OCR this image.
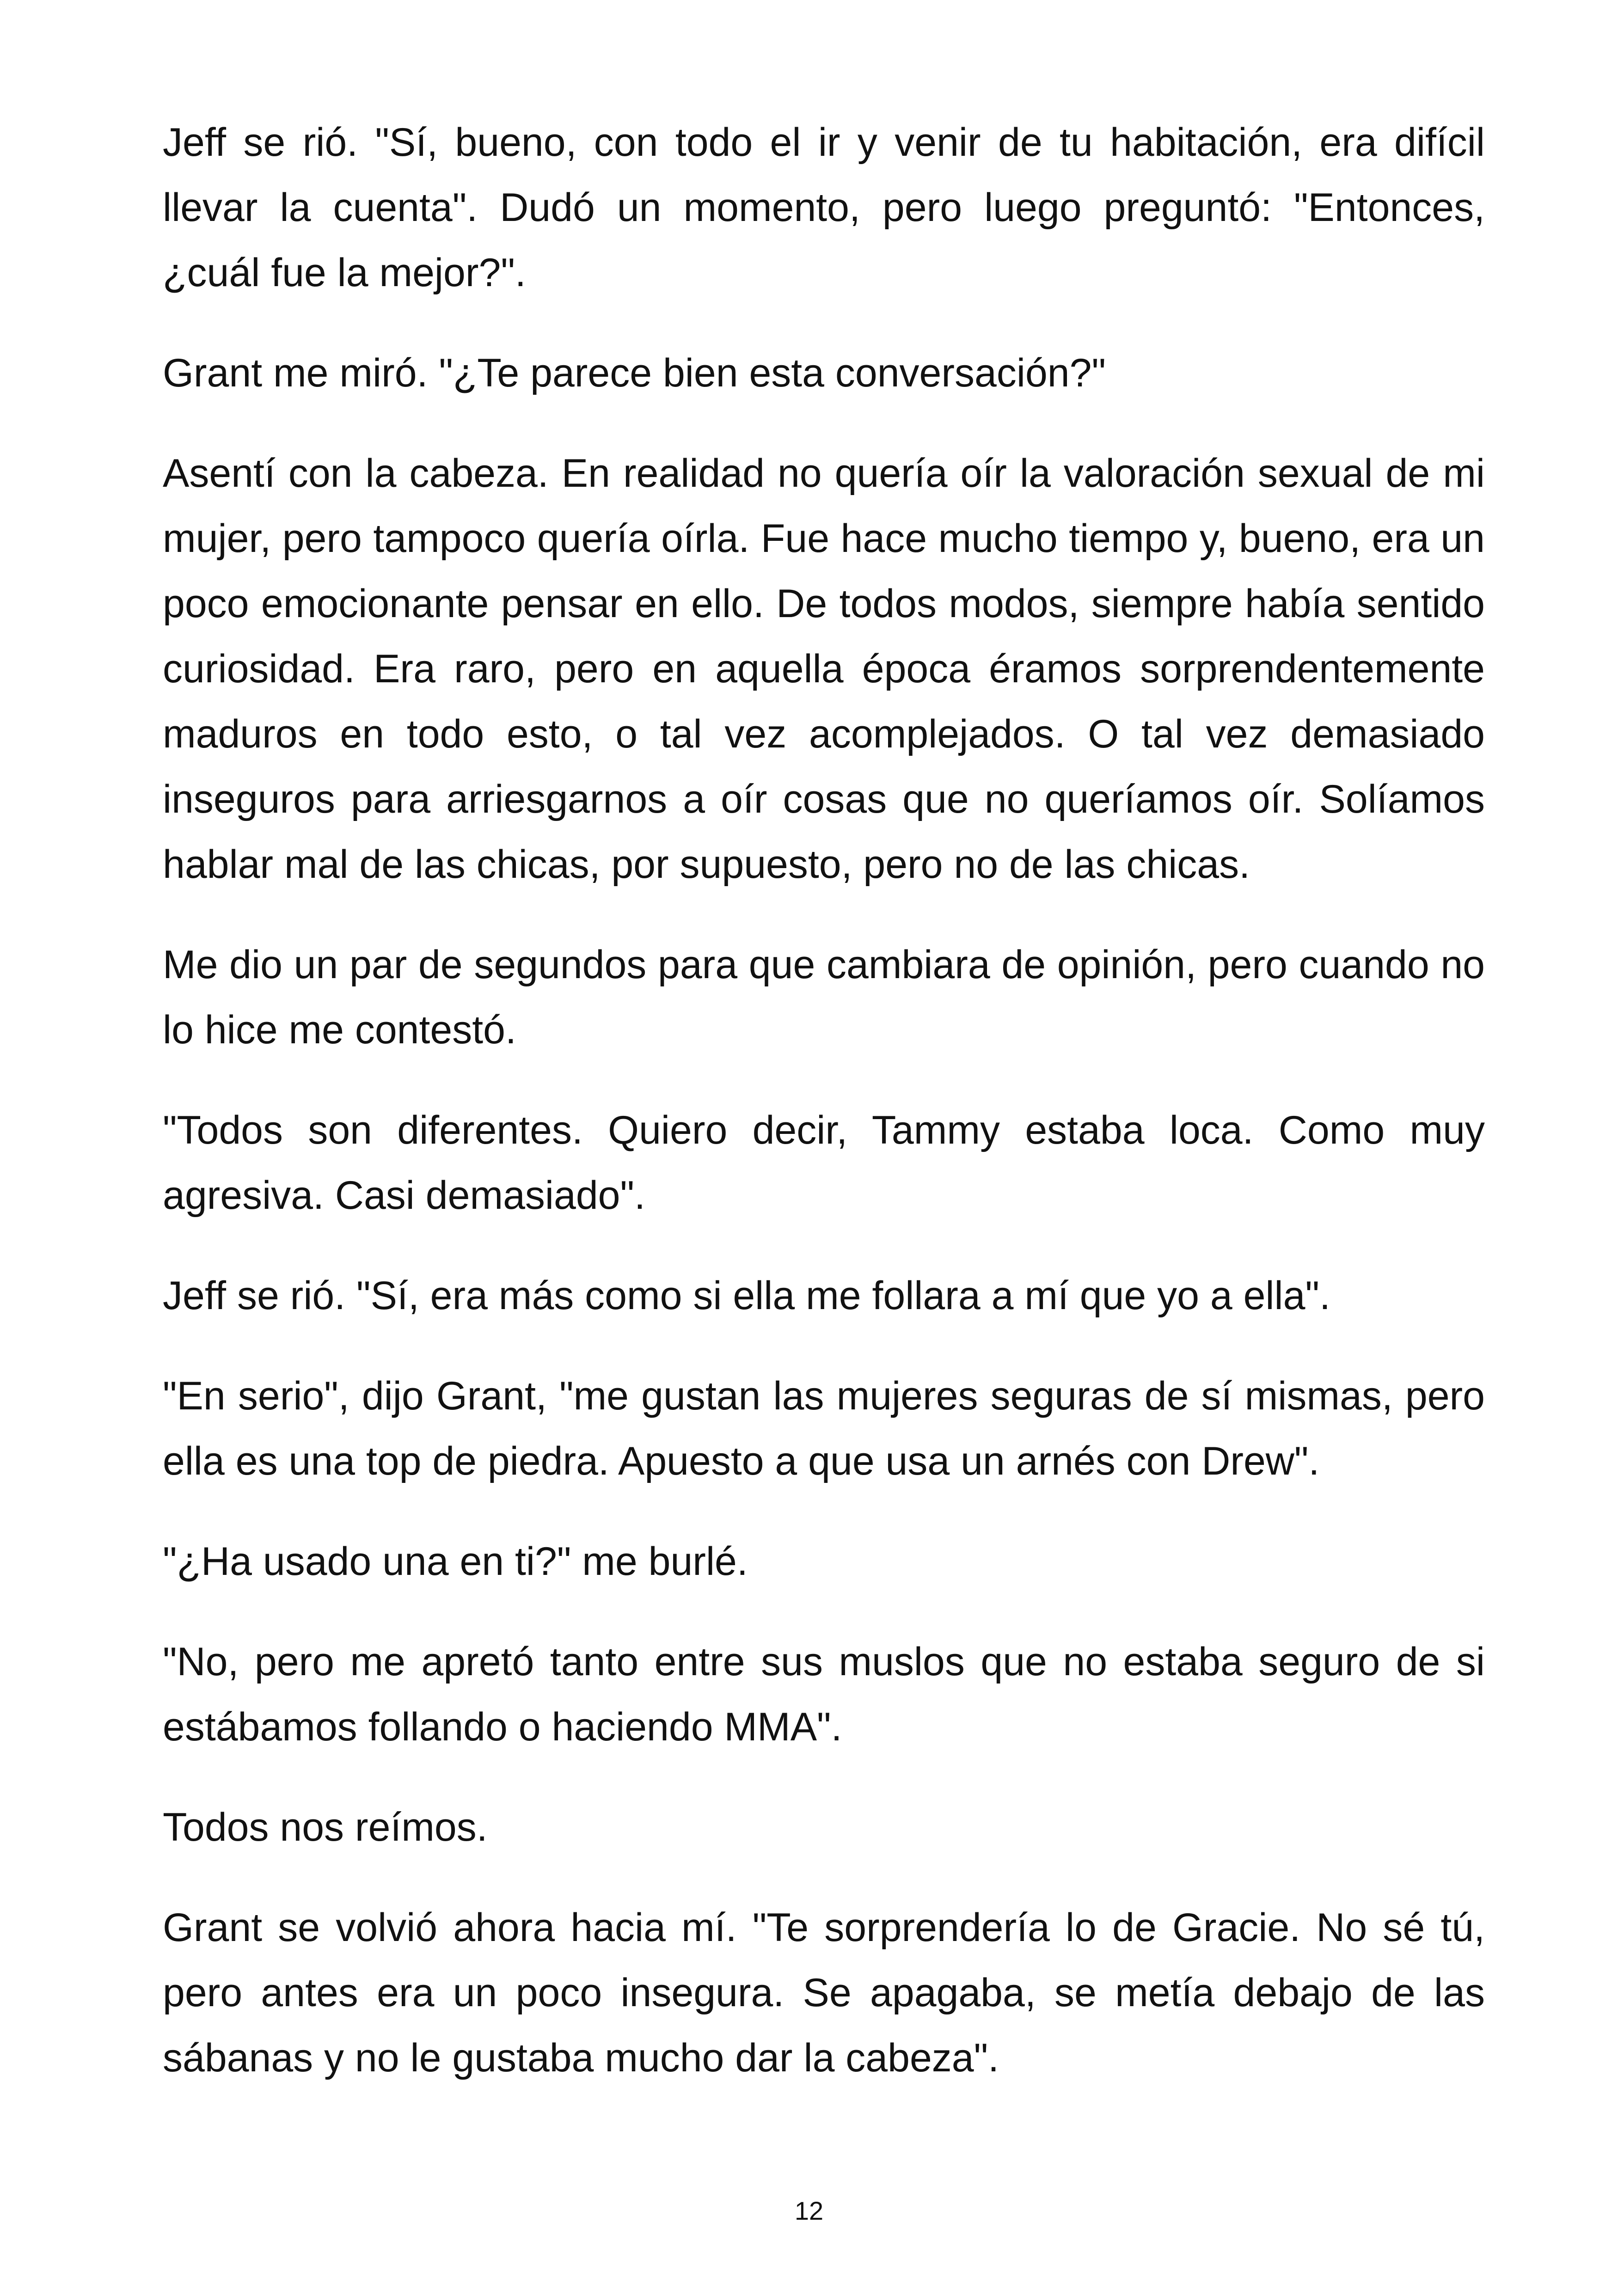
Jeff se rió. "Sí, bueno, con todo el ir y venir de tu habitación, era difícil llevar la cuenta". Dudó un momento, pero luego preguntó: "Entonces, ¿cuál fue la mejor?".

Grant me miró. "¿Te parece bien esta conversación?"

Asentí con la cabeza. En realidad no quería oír la valoración sexual de mi mujer, pero tampoco quería oírla. Fue hace mucho tiempo y, bueno, era un poco emocionante pensar en ello. De todos modos, siempre había sentido curiosidad. Era raro, pero en aquella época éramos sorprendentemente maduros en todo esto, o tal vez acomplejados. O tal vez demasiado inseguros para arriesgarnos a oír cosas que no queríamos oír. Solíamos hablar mal de las chicas, por supuesto, pero no de las chicas.

Me dio un par de segundos para que cambiara de opinión, pero cuando no lo hice me contestó.

"Todos son diferentes. Quiero decir, Tammy estaba loca. Como muy agresiva. Casi demasiado".

Jeff se rió. "Sí, era más como si ella me follara a mí que yo a ella".

"En serio", dijo Grant, "me gustan las mujeres seguras de sí mismas, pero ella es una top de piedra. Apuesto a que usa un arnés con Drew".

"¿Ha usado una en ti?" me burlé.

"No, pero me apretó tanto entre sus muslos que no estaba seguro de si estábamos follando o haciendo MMA".

Todos nos reímos.

Grant se volvió ahora hacia mí. "Te sorprendería lo de Gracie. No sé tú, pero antes era un poco insegura. Se apagaba, se metía debajo de las sábanas y no le gustaba mucho dar la cabeza".

12
